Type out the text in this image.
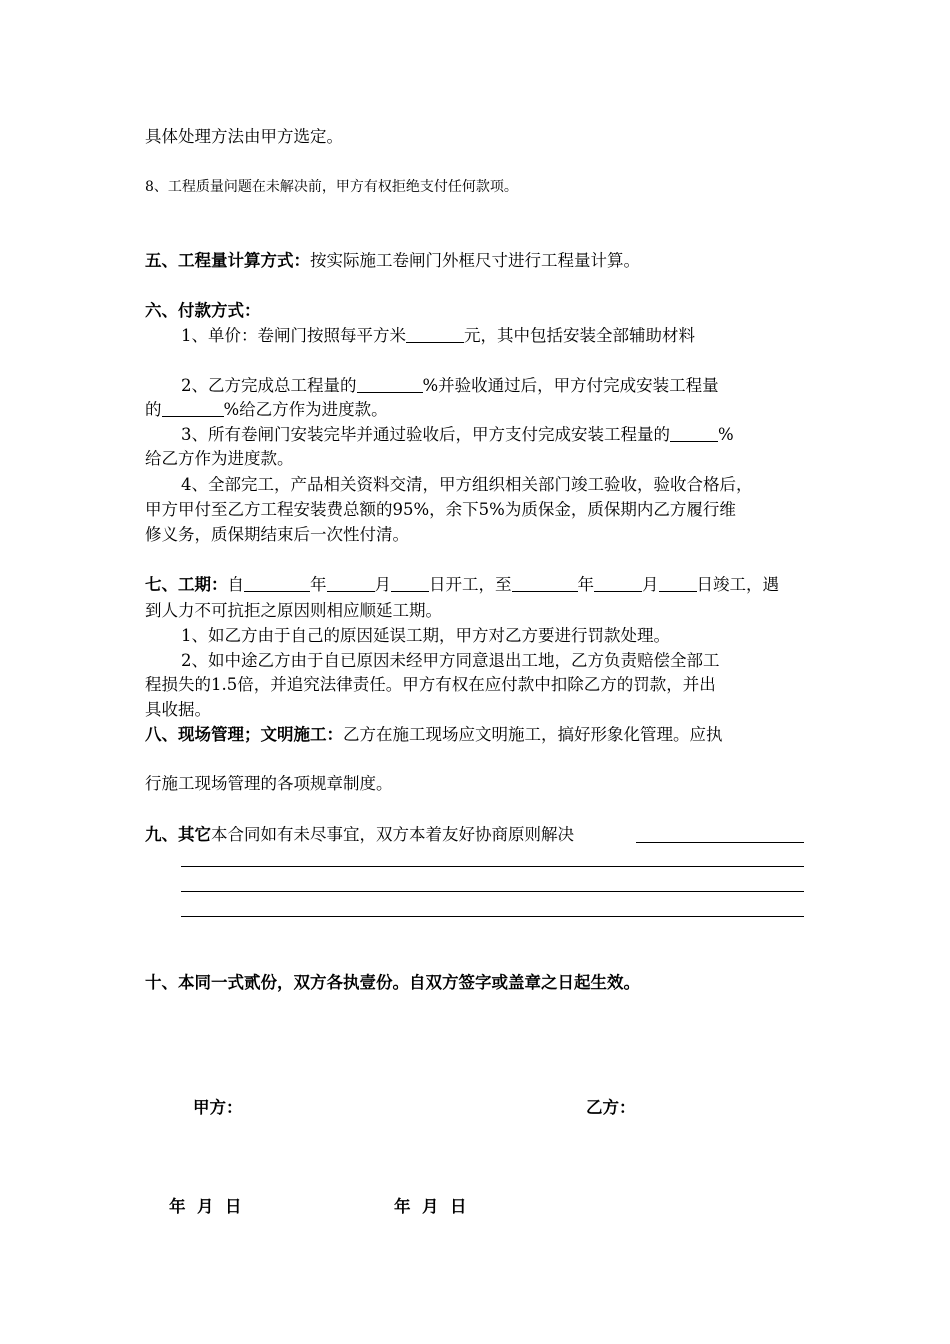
具体处理方法由甲方选定。
8、工程质量问题在未解决前，甲方有权拒绝支付任何款项。
五、工程量计算方式：按实际施工卷闸门外框尺寸进行工程量计算。
六、付款方式：
1、单价：卷闸门按照每平方米	元，其中包括安装全部辅助材料
2、乙方完成总工程量的	%并验收通过后，甲方付完成安装工程量
的	%给乙方作为进度款。
3、所有卷闸门安装完毕并通过验收后，甲方支付完成安装工程量的	%
给乙方作为进度款。
4、全部完工，产品相关资料交清，甲方组织相关部门竣工验收，验收合格后，
甲方甲付至乙方工程安装费总额的95%，余下5%为质保金，质保期内乙方履行维
修义务，质保期结束后一次性付清。
七、工期：自	年	月 日开工，至	年	月 日竣工，遇
到人力不可抗拒之原因则相应顺延工期。
1、如乙方由于自己的原因延误工期，甲方对乙方要进行罚款处理。
2、如中途乙方由于自已原因未经甲方同意退出工地，乙方负责赔偿全部工
程损失的1.5倍，并追究法律责任。甲方有权在应付款中扣除乙方的罚款，并出
具收据。
八、现场管理；文明施工：乙方在施工现场应文明施工，搞好形象化管理。应执
行施工现场管理的各项规章制度。
九、其它本合同如有未尽事宜，双方本着友好协商原则解决
十、本同一式贰份，双方各执壹份。自双方签字或盖章之日起生效。
甲方：	乙方：
年  月  日	年  月  日
